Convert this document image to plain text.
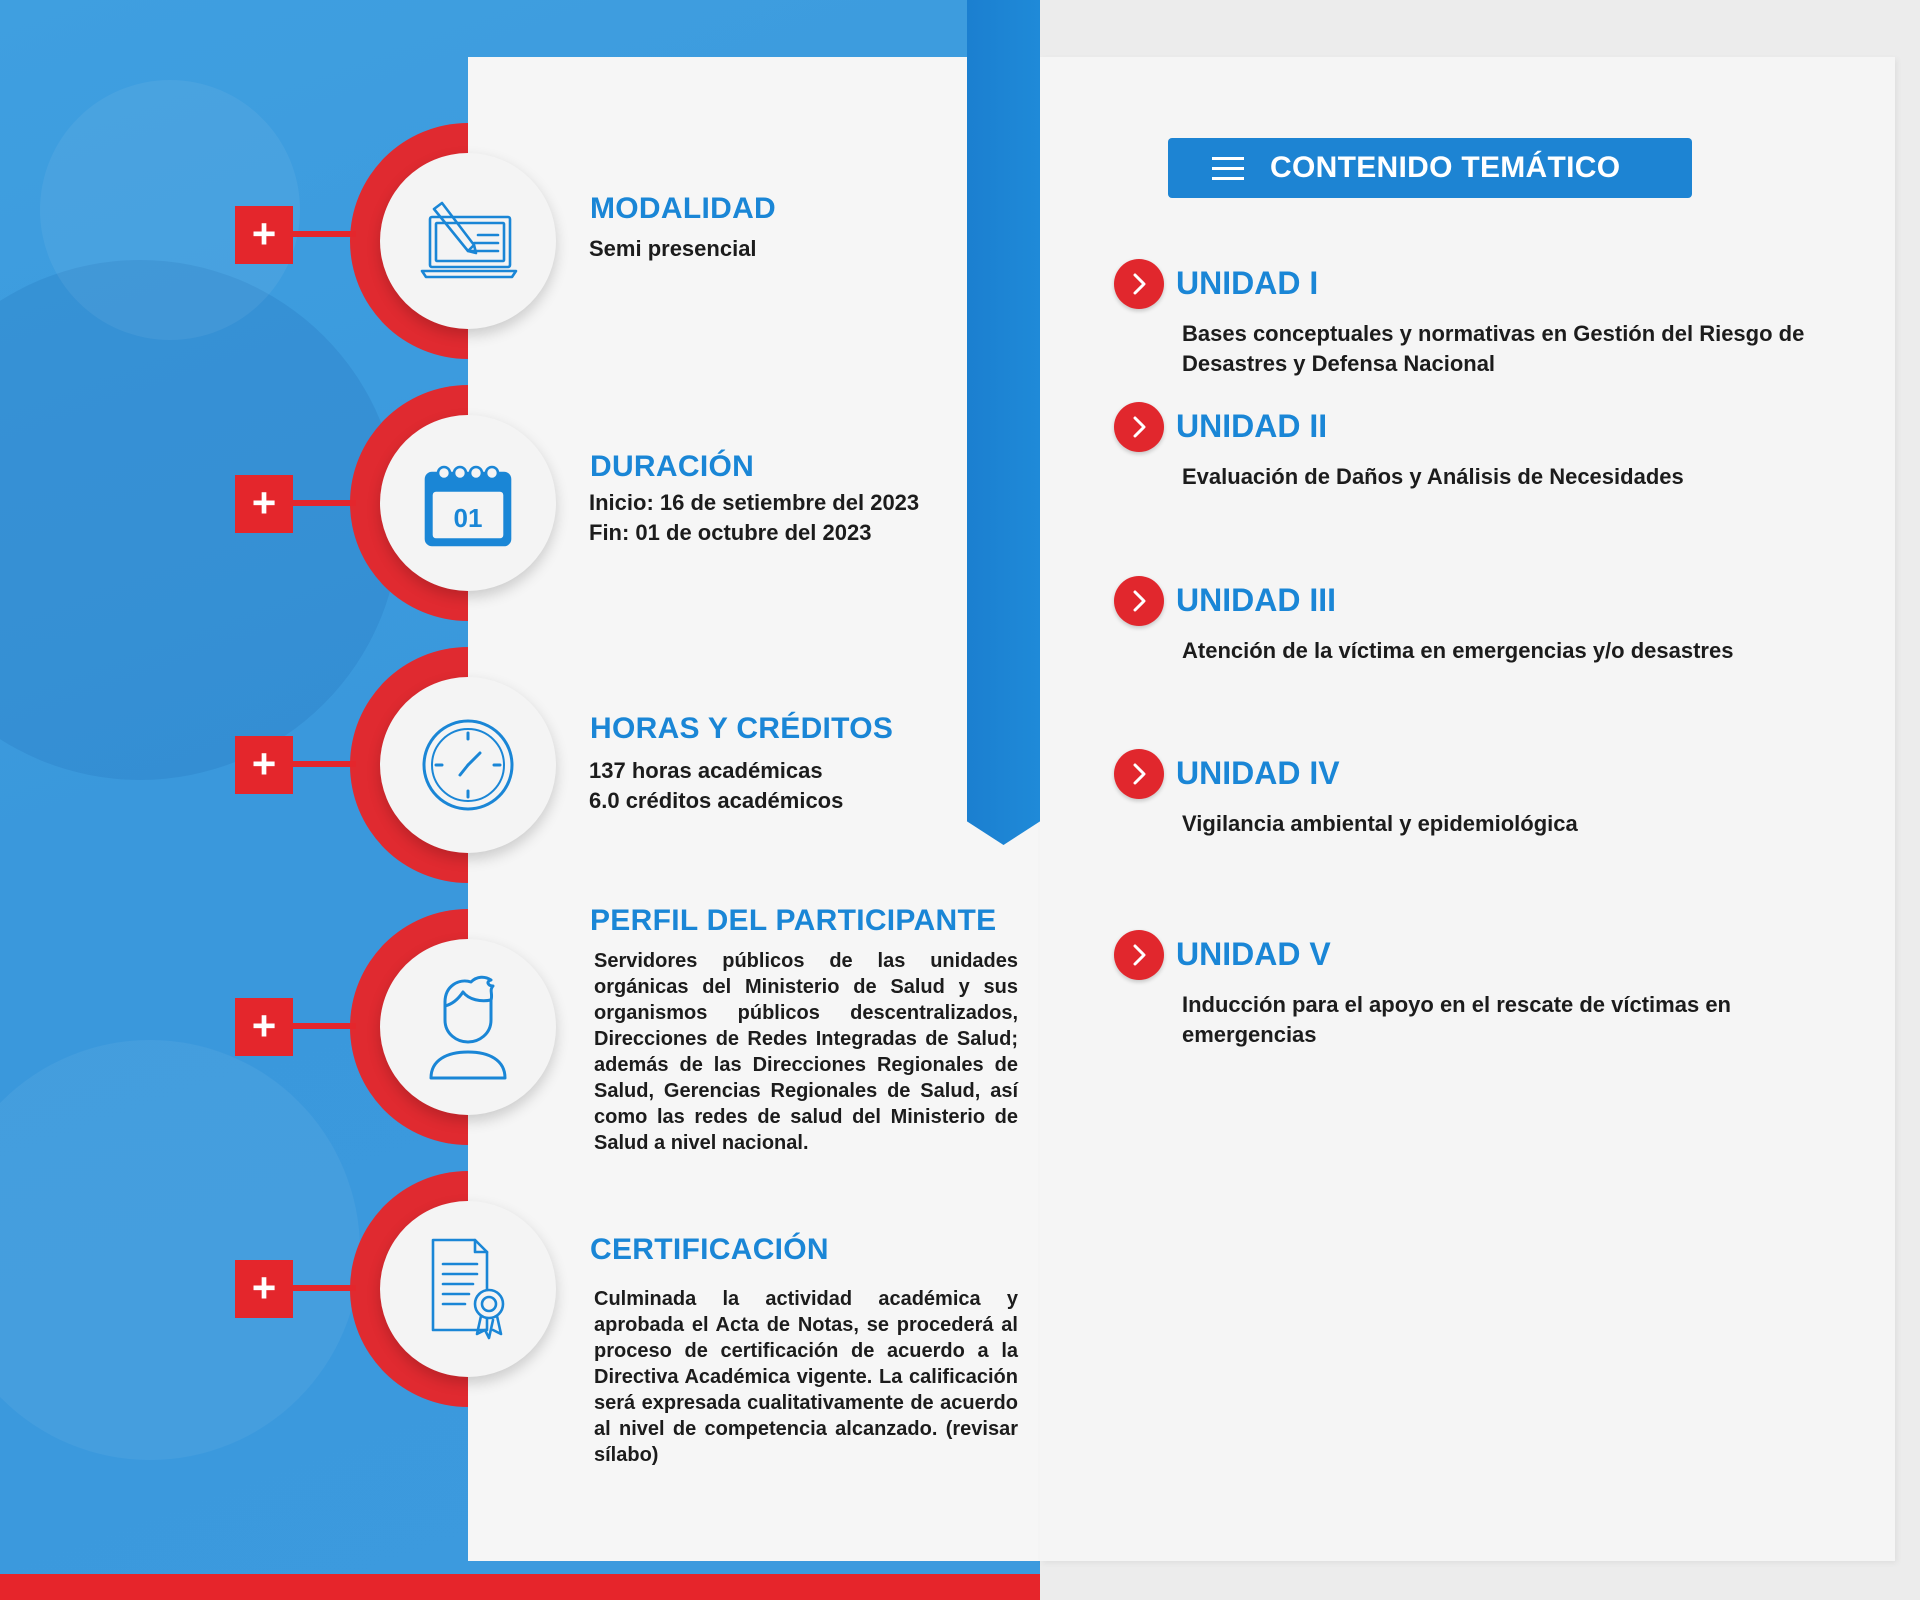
+
MODALIDAD
Semi presencial
+	01
DURACIÓN
Inicio: 16 de setiembre del 2023
Fin: 01 de octubre del 2023
+
HORAS Y CRÉDITOS
137 horas académicas
6.0 créditos académicos
+
PERFIL DEL PARTICIPANTE
Servidores públicos de las unidades orgánicas del Ministerio de Salud y sus organismos públicos descentralizados, Direcciones de Redes Integradas de Salud; además de las Direcciones Regionales de Salud, Gerencias Regionales de Salud, así como las redes de salud del Ministerio de Salud a nivel nacional.
+
CERTIFICACIÓN
Culminada la actividad académica y aprobada el Acta de Notas, se procederá al proceso de certificación de acuerdo a la Directiva Académica vigente. La calificación será expresada cualitativamente de acuerdo al nivel de competencia alcanzado. (revisar sílabo)
CONTENIDO TEMÁTICO
UNIDAD I
Bases conceptuales y normativas en Gestión del Riesgo de Desastres y Defensa Nacional
UNIDAD II
Evaluación de Daños y Análisis de Necesidades
UNIDAD III
Atención de la víctima en emergencias y/o desastres
UNIDAD IV
Vigilancia ambiental y epidemiológica
UNIDAD V
Inducción para el apoyo en el rescate de víctimas en emergencias
